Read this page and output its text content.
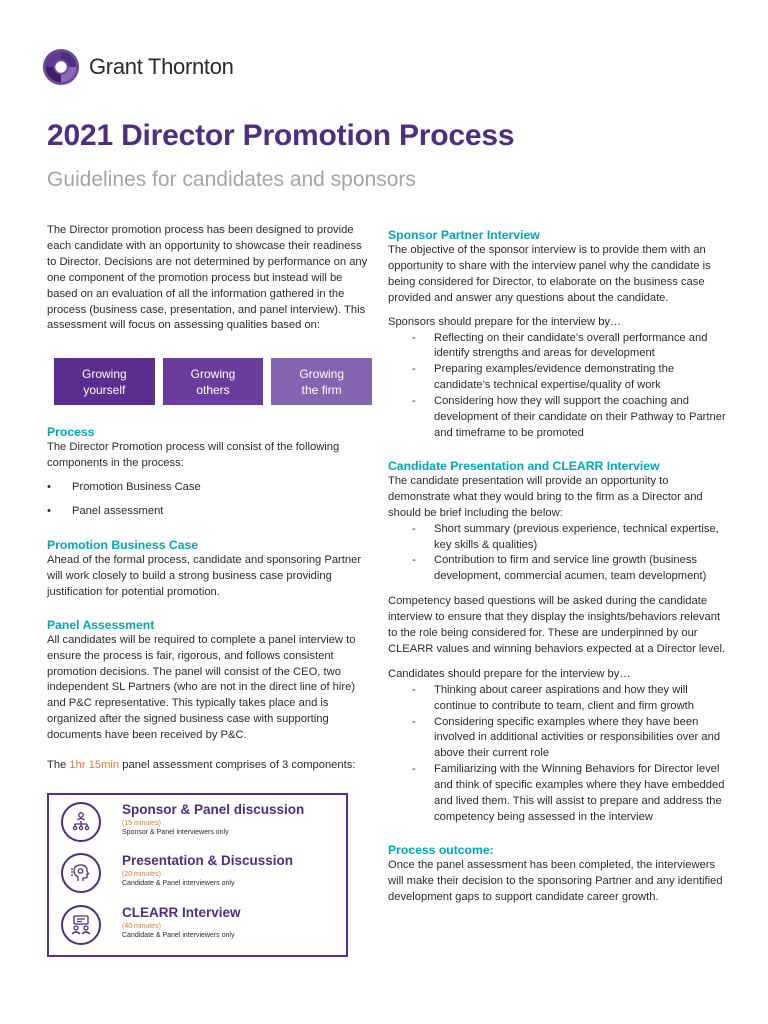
Grant Thornton
2021 Director Promotion Process
Guidelines for candidates and sponsors

The Director promotion process has been designed to provide each candidate with an opportunity to showcase their readiness to Director. Decisions are not determined by performance on any one component of the promotion process but instead will be based on an evaluation of all the information gathered in the process (business case, presentation, and panel interview). This assessment will focus on assessing qualities based on:

Growing
yourself
Growing
others
Growing
the firm
Process

The Director Promotion process will consist of the following components in the process:

• Promotion Business Case
• Panel assessment
Promotion Business Case

Ahead of the formal process, candidate and sponsoring Partner will work closely to build a strong business case providing justification for potential promotion.

Panel Assessment

All candidates will be required to complete a panel interview to ensure the process is fair, rigorous, and follows consistent promotion decisions. The panel will consist of the CEO, two independent SL Partners (who are not in the direct line of hire) and P&C representative. This typically takes place and is organized after the signed business case with supporting documents have been received by P&C.

The 1hr 15min panel assessment comprises of 3 components:

Sponsor & Panel discussion
(15 minutes)
Sponsor & Panel interviewers only
Presentation & Discussion
(20 minutes)
Candidate & Panel interviewers only
CLEARR Interview
(40 minutes)
Candidate & Panel interviewers only
Sponsor Partner Interview

The objective of the sponsor interview is to provide them with an opportunity to share with the interview panel why the candidate is being considered for Director, to elaborate on the business case provided and answer any questions about the candidate.

Sponsors should prepare for the interview by…

- Reflecting on their candidate’s overall performance and identify strengths and areas for development
- Preparing examples/evidence demonstrating the candidate’s technical expertise/quality of work
- Considering how they will support the coaching and development of their candidate on their Pathway to Partner and timeframe to be promoted
Candidate Presentation and CLEARR Interview

The candidate presentation will provide an opportunity to demonstrate what they would bring to the firm as a Director and should be brief including the below:

- Short summary (previous experience, technical expertise, key skills & qualities)
- Contribution to firm and service line growth (business development, commercial acumen, team development)

Competency based questions will be asked during the candidate interview to ensure that they display the insights/behaviors relevant to the role being considered for. These are underpinned by our CLEARR values and winning behaviors expected at a Director level.

Candidates should prepare for the interview by…

- Thinking about career aspirations and how they will continue to contribute to team, client and firm growth
- Considering specific examples where they have been involved in additional activities or responsibilities over and above their current role
- Familiarizing with the Winning Behaviors for Director level and think of specific examples where they have embedded and lived them. This will assist to prepare and address the competency being assessed in the interview
Process outcome:

Once the panel assessment has been completed, the interviewers will make their decision to the sponsoring Partner and any identified development gaps to support candidate career growth.
